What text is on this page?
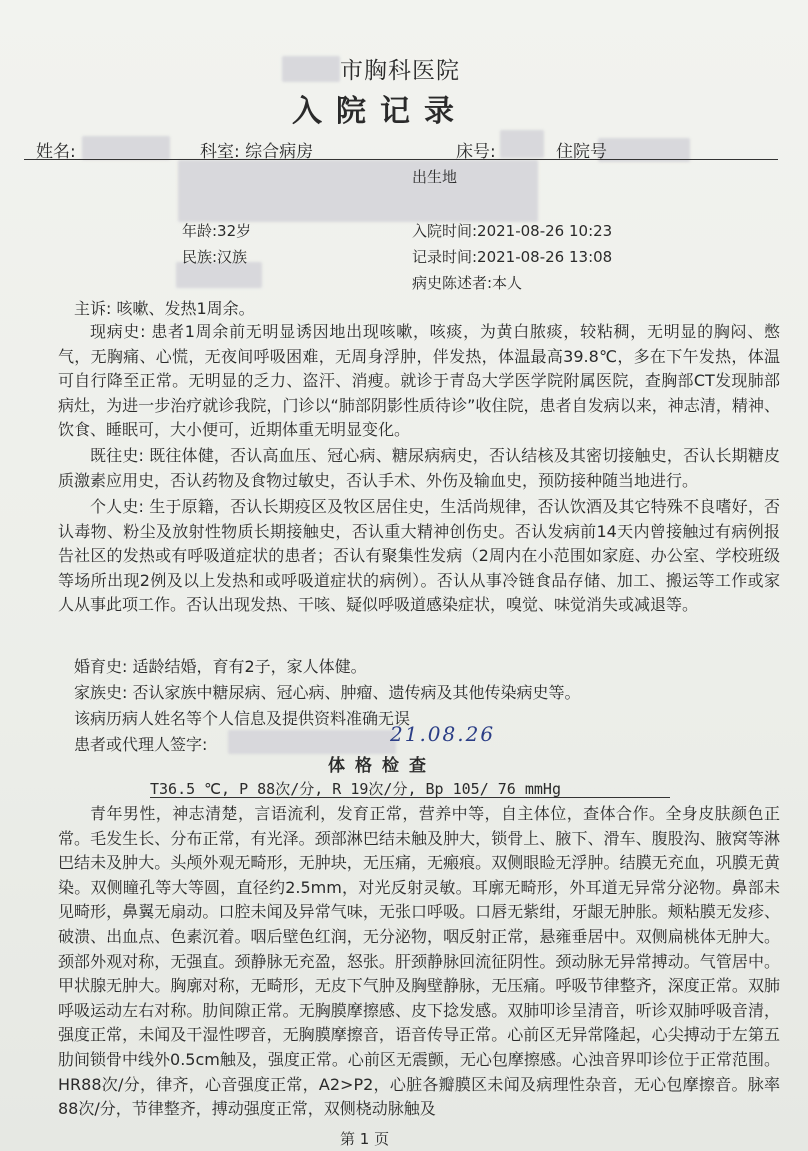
市胸科医院
入院记录
姓名:	科室: 综合病房	床号:	住院号
出生地
年龄:32岁	入院时间:2021-08-26 10:23
民族:汉族	记录时间:2021-08-26 13:08
病史陈述者:本人
主诉: 咳嗽、发热1周余。
现病史: 患者1周余前无明显诱因地出现咳嗽，咳痰，为黄白脓痰，较粘稠，无明显的胸闷、憋气，无胸痛、心慌，无夜间呼吸困难，无周身浮肿，伴发热，体温最高39.8℃，多在下午发热，体温可自行降至正常。无明显的乏力、盗汗、消瘦。就诊于青岛大学医学院附属医院，查胸部CT发现肺部病灶，为进一步治疗就诊我院，门诊以“肺部阴影性质待诊”收住院，患者自发病以来，神志清，精神、饮食、睡眠可，大小便可，近期体重无明显变化。
既往史: 既往体健，否认高血压、冠心病、糖尿病病史，否认结核及其密切接触史，否认长期糖皮质激素应用史，否认药物及食物过敏史，否认手术、外伤及输血史，预防接种随当地进行。
个人史: 生于原籍，否认长期疫区及牧区居住史，生活尚规律，否认饮酒及其它特殊不良嗜好，否认毒物、粉尘及放射性物质长期接触史，否认重大精神创伤史。否认发病前14天内曾接触过有病例报告社区的发热或有呼吸道症状的患者；否认有聚集性发病（2周内在小范围如家庭、办公室、学校班级等场所出现2例及以上发热和或呼吸道症状的病例）。否认从事冷链食品存储、加工、搬运等工作或家人从事此项工作。否认出现发热、干咳、疑似呼吸道感染症状，嗅觉、味觉消失或减退等。
婚育史: 适龄结婚，育有2子，家人体健。
家族史: 否认家族中糖尿病、冠心病、肿瘤、遗传病及其他传染病史等。
该病历病人姓名等个人信息及提供资料准确无误
患者或代理人签字:	21.08.26
体格检查
T36.5 ℃, P 88次/分, R 19次/分, Bp 105/ 76 mmHg
青年男性，神志清楚，言语流利，发育正常，营养中等，自主体位，查体合作。全身皮肤颜色正常。毛发生长、分布正常，有光泽。颈部淋巴结未触及肿大，锁骨上、腋下、滑车、腹股沟、腋窝等淋巴结未及肿大。头颅外观无畸形，无肿块，无压痛，无瘢痕。双侧眼睑无浮肿。结膜无充血，巩膜无黄染。双侧瞳孔等大等圆，直径约2.5mm，对光反射灵敏。耳廓无畸形，外耳道无异常分泌物。鼻部未见畸形，鼻翼无扇动。口腔未闻及异常气味，无张口呼吸。口唇无紫绀，牙龈无肿胀。颊粘膜无发疹、破溃、出血点、色素沉着。咽后壁色红润，无分泌物，咽反射正常，悬雍垂居中。双侧扁桃体无肿大。颈部外观对称，无强直。颈静脉无充盈，怒张。肝颈静脉回流征阴性。颈动脉无异常搏动。气管居中。甲状腺无肿大。胸廓对称，无畸形，无皮下气肿及胸壁静脉，无压痛。呼吸节律整齐，深度正常。双肺呼吸运动左右对称。肋间隙正常。无胸膜摩擦感、皮下捻发感。双肺叩诊呈清音，听诊双肺呼吸音清，强度正常，未闻及干湿性啰音，无胸膜摩擦音，语音传导正常。心前区无异常隆起，心尖搏动于左第五肋间锁骨中线外0.5cm触及，强度正常。心前区无震颤，无心包摩擦感。心浊音界叩诊位于正常范围。HR88次/分，律齐，心音强度正常，A2>P2，心脏各瓣膜区未闻及病理性杂音，无心包摩擦音。脉率88次/分，节律整齐，搏动强度正常，双侧桡动脉触及
第 1 页
